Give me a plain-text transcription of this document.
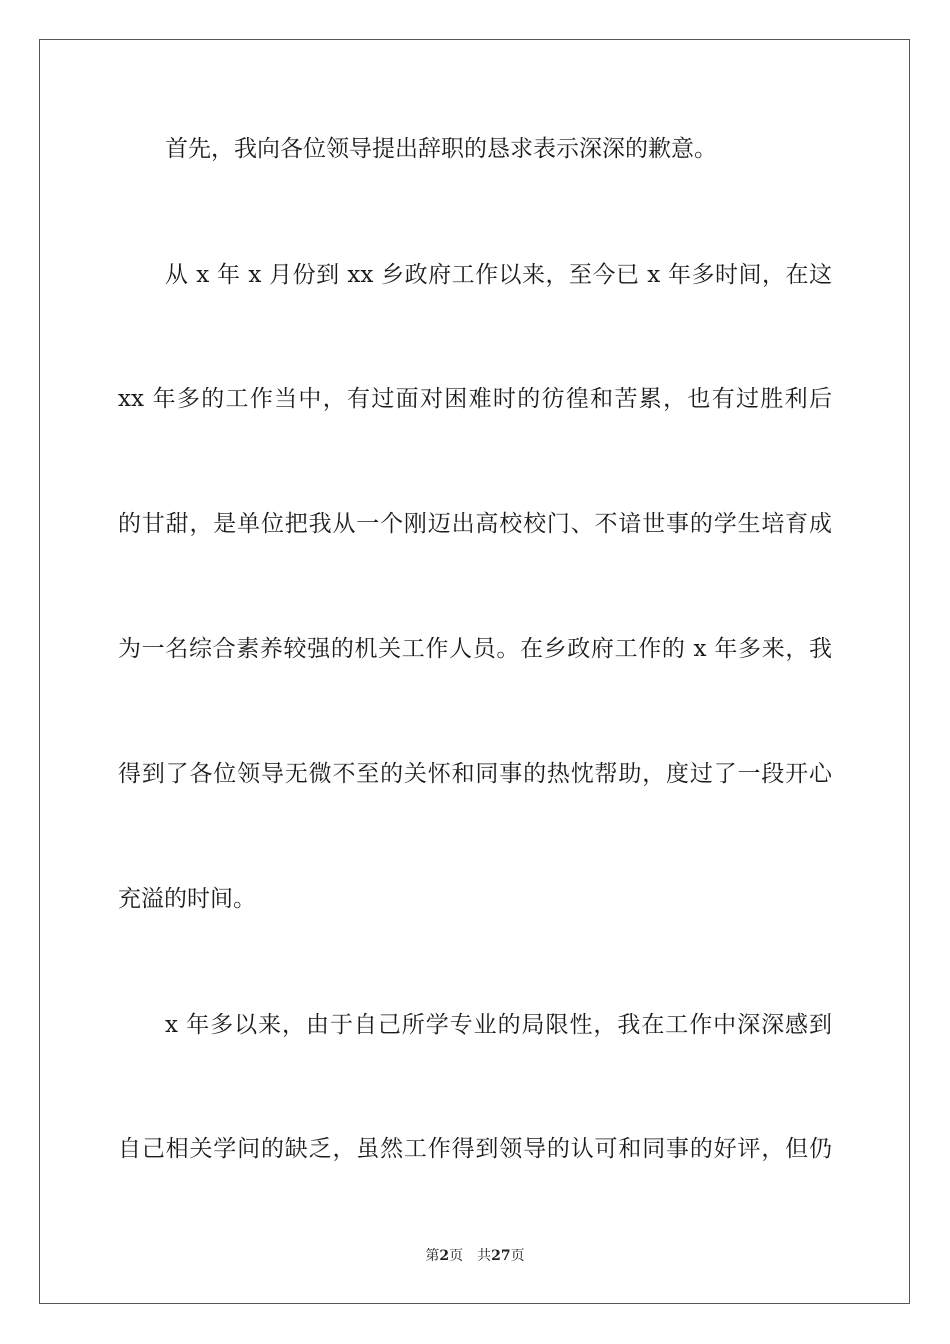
首先，我向各位领导提出辞职的恳求表示深深的歉意。
从 x 年 x 月份到 xx 乡政府工作以来，至今已 x 年多时间，在这
xx 年多的工作当中，有过面对困难时的彷徨和苦累，也有过胜利后
的甘甜，是单位把我从一个刚迈出高校校门、不谙世事的学生培育成
为一名综合素养较强的机关工作人员。在乡政府工作的 x 年多来，我
得到了各位领导无微不至的关怀和同事的热忱帮助，度过了一段开心
充溢的时间。
x 年多以来，由于自己所学专业的局限性，我在工作中深深感到
自己相关学问的缺乏，虽然工作得到领导的认可和同事的好评，但仍
第2页 共27页
